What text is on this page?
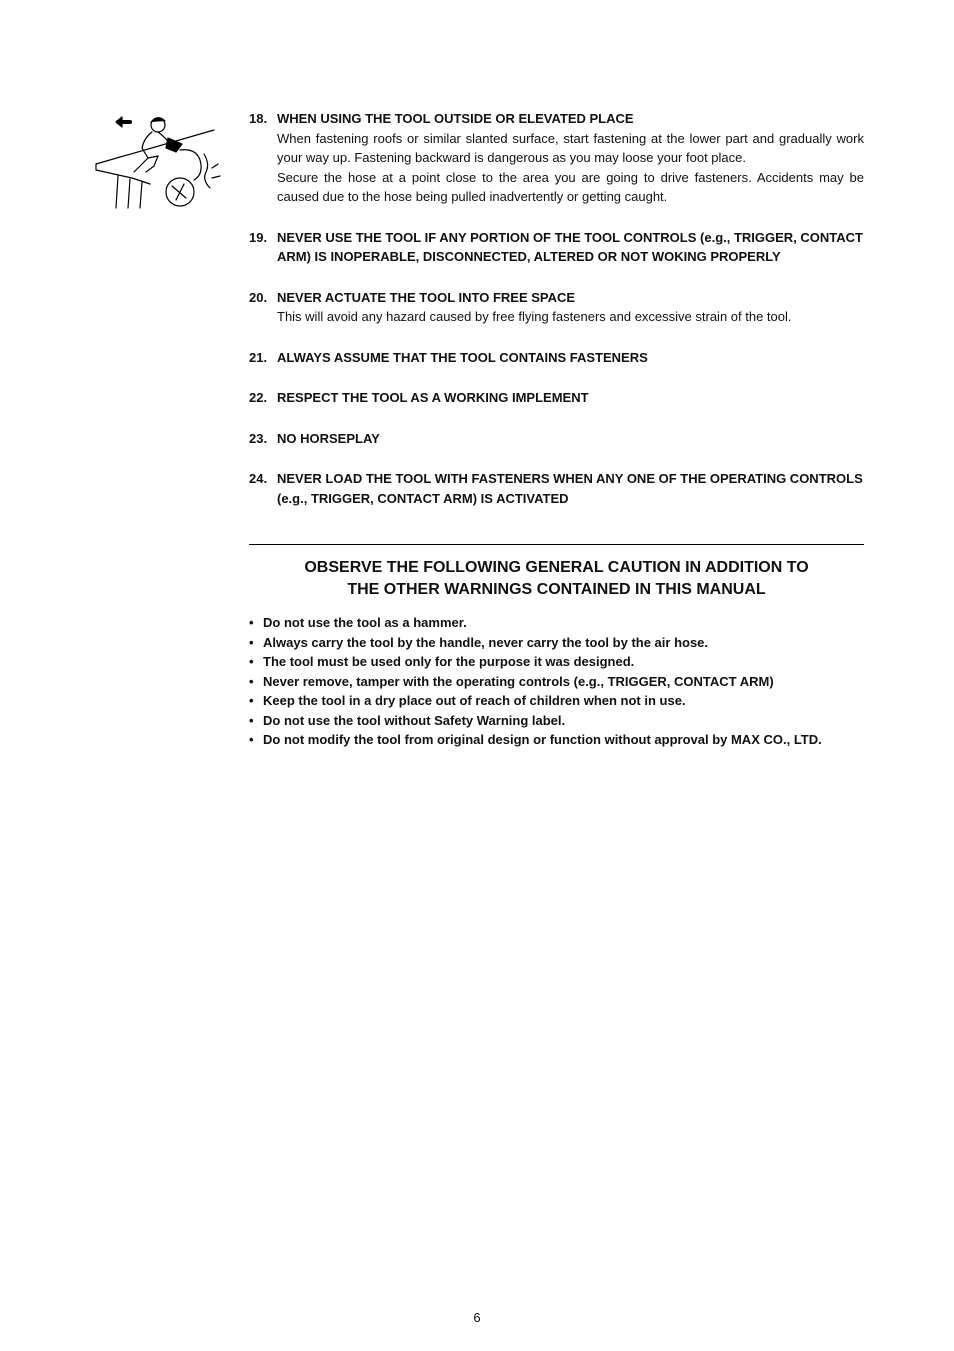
18. WHEN USING THE TOOL OUTSIDE OR ELEVATED PLACE
When fastening roofs or similar slanted surface, start fastening at the lower part and gradually work your way up. Fastening backward is dangerous as you may loose your foot place.
Secure the hose at a point close to the area you are going to drive fasteners. Accidents may be caused due to the hose being pulled inadvertently or getting caught.
19. NEVER USE THE TOOL IF ANY PORTION OF THE TOOL CONTROLS (e.g., TRIGGER, CONTACT ARM) IS INOPERABLE, DISCONNECTED, ALTERED OR NOT WOKING PROPERLY
20. NEVER ACTUATE THE TOOL INTO FREE SPACE
This will avoid any hazard caused by free flying fasteners and excessive strain of the tool.
21. ALWAYS ASSUME THAT THE TOOL CONTAINS FASTENERS
22. RESPECT THE TOOL AS A WORKING IMPLEMENT
23. NO HORSEPLAY
24. NEVER LOAD THE TOOL WITH FASTENERS WHEN ANY ONE OF THE OPERATING CONTROLS (e.g., TRIGGER, CONTACT ARM) IS ACTIVATED
OBSERVE THE FOLLOWING GENERAL CAUTION IN ADDITION TO
THE OTHER WARNINGS CONTAINED IN THIS MANUAL
• Do not use the tool as a hammer.
• Always carry the tool by the handle, never carry the tool by the air hose.
• The tool must be used only for the purpose it was designed.
• Never remove, tamper with the operating controls (e.g., TRIGGER, CONTACT ARM)
• Keep the tool in a dry place out of reach of children when not in use.
• Do not use the tool without Safety Warning label.
• Do not modify the tool from original design or function without approval by MAX CO., LTD.
6
